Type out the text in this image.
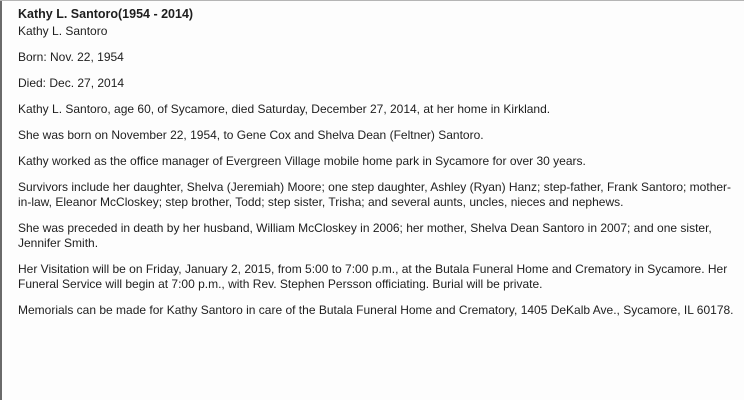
Kathy L. Santoro(1954 - 2014)
Kathy L. Santoro

Born: Nov. 22, 1954

Died: Dec. 27, 2014

Kathy L. Santoro, age 60, of Sycamore, died Saturday, December 27, 2014, at her home in Kirkland.

She was born on November 22, 1954, to Gene Cox and Shelva Dean (Feltner) Santoro.

Kathy worked as the office manager of Evergreen Village mobile home park in Sycamore for over 30 years.

Survivors include her daughter, Shelva (Jeremiah) Moore; one step daughter, Ashley (Ryan) Hanz; step-father, Frank Santoro; mother-in-law, Eleanor McCloskey; step brother, Todd; step sister, Trisha; and several aunts, uncles, nieces and nephews.

She was preceded in death by her husband, William McCloskey in 2006; her mother, Shelva Dean Santoro in 2007; and one sister, Jennifer Smith.

Her Visitation will be on Friday, January 2, 2015, from 5:00 to 7:00 p.m., at the Butala Funeral Home and Crematory in Sycamore. Her Funeral Service will begin at 7:00 p.m., with Rev. Stephen Persson officiating. Burial will be private.

Memorials can be made for Kathy Santoro in care of the Butala Funeral Home and Crematory, 1405 DeKalb Ave., Sycamore, IL 60178.
